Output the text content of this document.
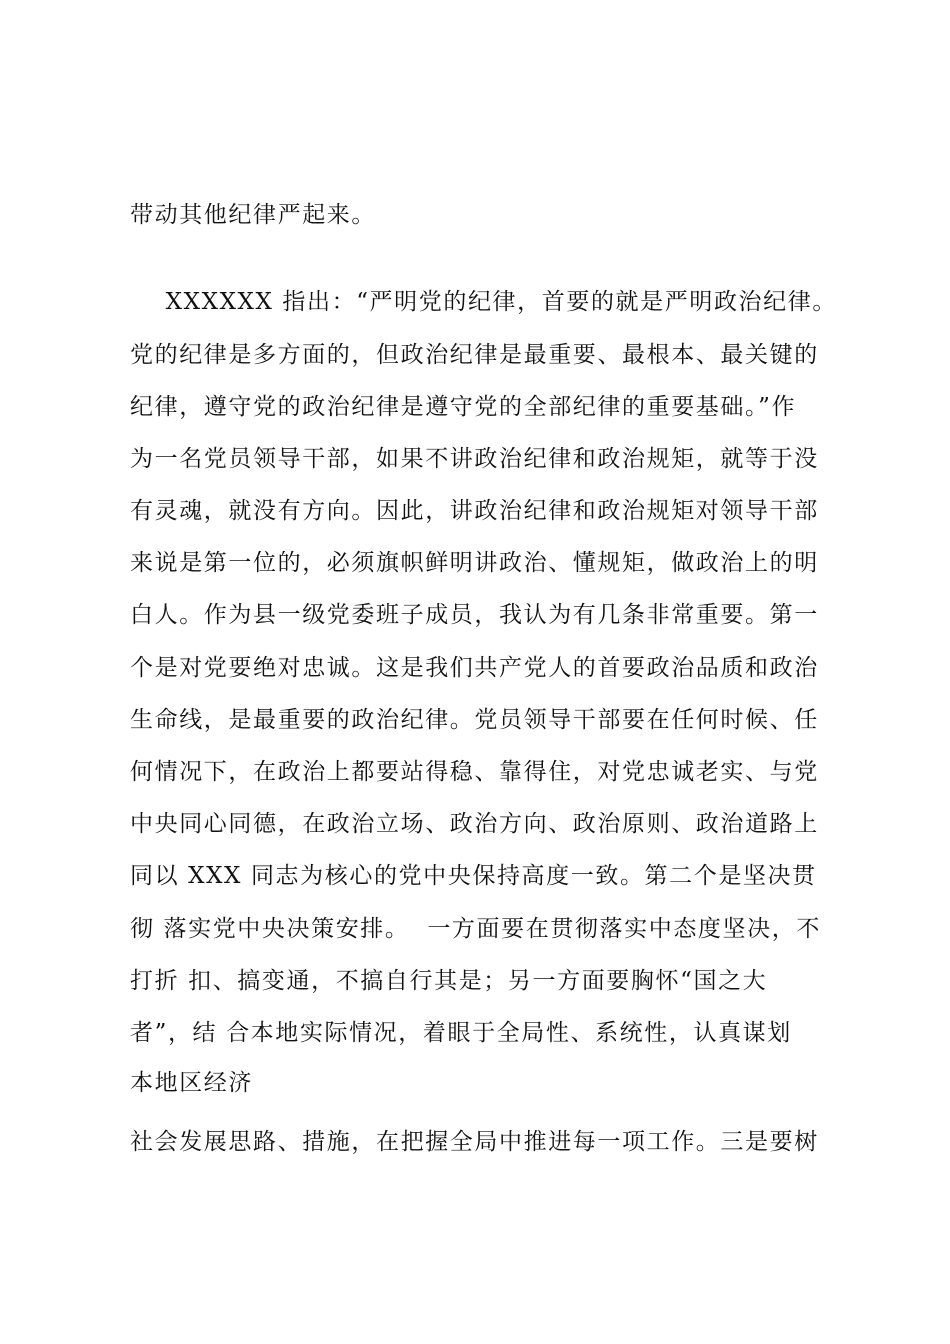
带动其他纪律严起来。
XXXXXX 指出：“严明党的纪律，首要的就是严明政治纪律。
党的纪律是多方面的，但政治纪律是最重要、最根本、最关键的
纪律，遵守党的政治纪律是遵守党的全部纪律的重要基础。”作
为一名党员领导干部，如果不讲政治纪律和政治规矩，就等于没
有灵魂，就没有方向。因此，讲政治纪律和政治规矩对领导干部
来说是第一位的，必须旗帜鲜明讲政治、懂规矩，做政治上的明
白人。作为县一级党委班子成员，我认为有几条非常重要。第一
个是对党要绝对忠诚。这是我们共产党人的首要政治品质和政治
生命线，是最重要的政治纪律。党员领导干部要在任何时候、任
何情况下，在政治上都要站得稳、靠得住，对党忠诚老实、与党
中央同心同德，在政治立场、政治方向、政治原则、政治道路上
同以 XXX 同志为核心的党中央保持高度一致。第二个是坚决贯
彻 落实党中央决策安排。  一方面要在贯彻落实中态度坚决，不
打折 扣、搞变通，不搞自行其是；另一方面要胸怀“国之大
者”，结 合本地实际情况，着眼于全局性、系统性，认真谋划
本地区经济
社会发展思路、措施，在把握全局中推进每一项工作。三是要树
